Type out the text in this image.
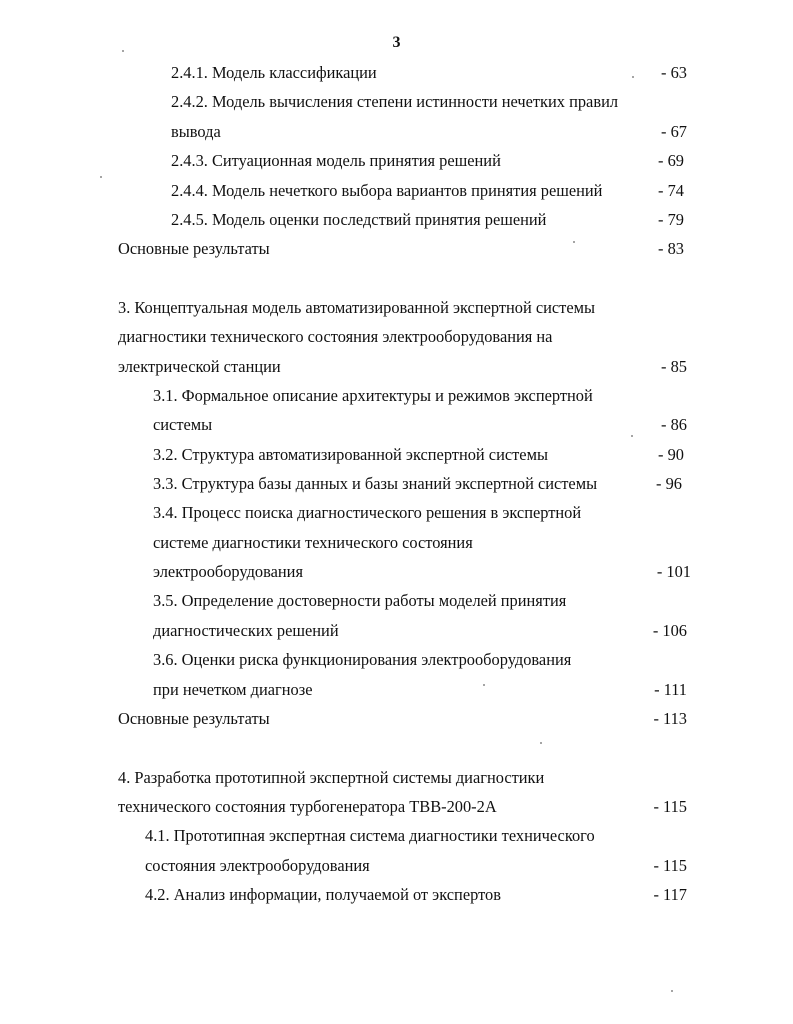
3
2.4.1. Модель классификации	- 63
2.4.2. Модель вычисления степени истинности нечетких правил
вывода	- 67
2.4.3. Ситуационная модель принятия решений	- 69
2.4.4. Модель нечеткого выбора вариантов принятия решений	- 74
2.4.5. Модель оценки последствий принятия решений	- 79
Основные результаты	- 83
3. Концептуальная модель автоматизированной экспертной системы
диагностики технического состояния электрооборудования на
электрической станции	- 85
3.1. Формальное описание архитектуры и режимов экспертной
системы	- 86
3.2. Структура автоматизированной экспертной системы	- 90
3.3. Структура базы данных и базы знаний экспертной системы	- 96
3.4. Процесс поиска диагностического решения в экспертной
системе диагностики технического состояния
электрооборудования	- 101
3.5. Определение достоверности работы моделей принятия
диагностических решений	- 106
3.6. Оценки риска функционирования электрооборудования
при нечетком диагнозе	- 111
Основные результаты	- 113
4. Разработка прототипной экспертной системы диагностики
технического состояния турбогенератора ТВВ-200-2А	- 115
4.1. Прототипная экспертная система диагностики технического
состояния электрооборудования	- 115
4.2. Анализ информации, получаемой от экспертов	- 117
